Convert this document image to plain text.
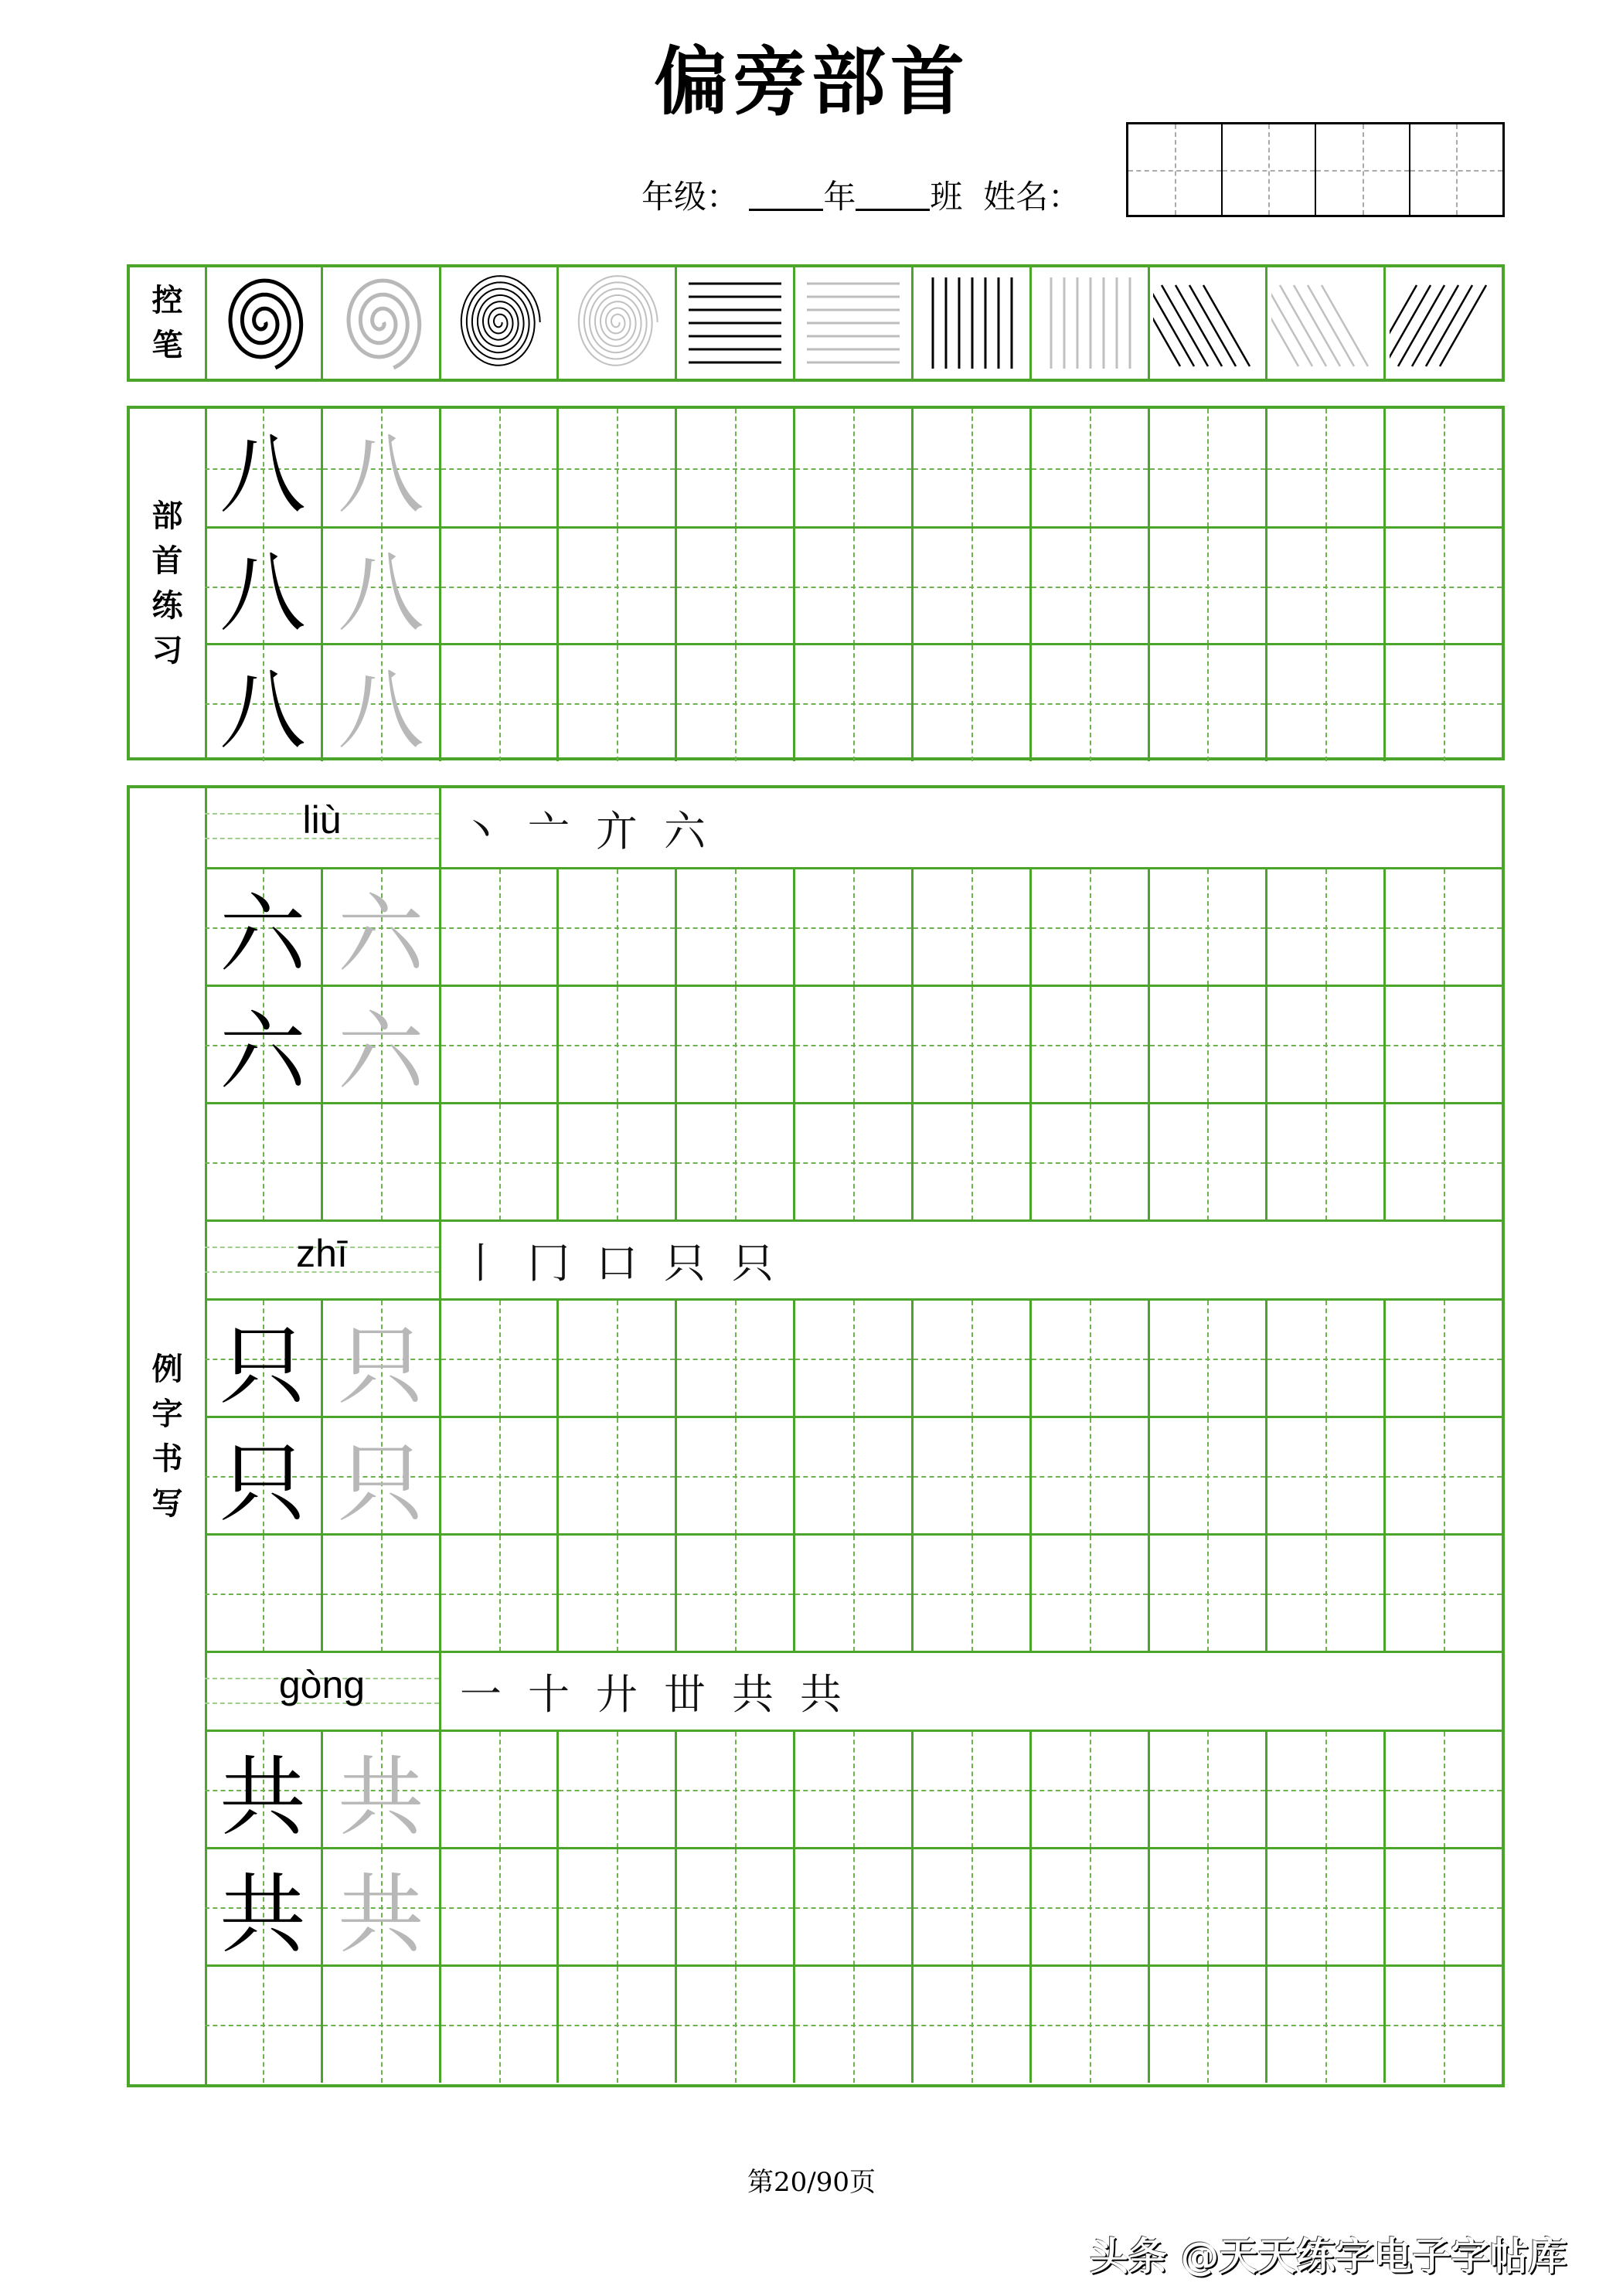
偏旁部首
年级：	年 班 姓名：
控
笔
部
首
练
习
八 八
八 八
八 八
例
字
书
写
liù	丶 亠 亣 六
六 六
六 六
zhī	丨 冂 口 只 只
只 只
只 只
gòng	一 十 廾 丗 共 共
共 共
共 共
第20/90页
头条 @天天练字电子字帖库
